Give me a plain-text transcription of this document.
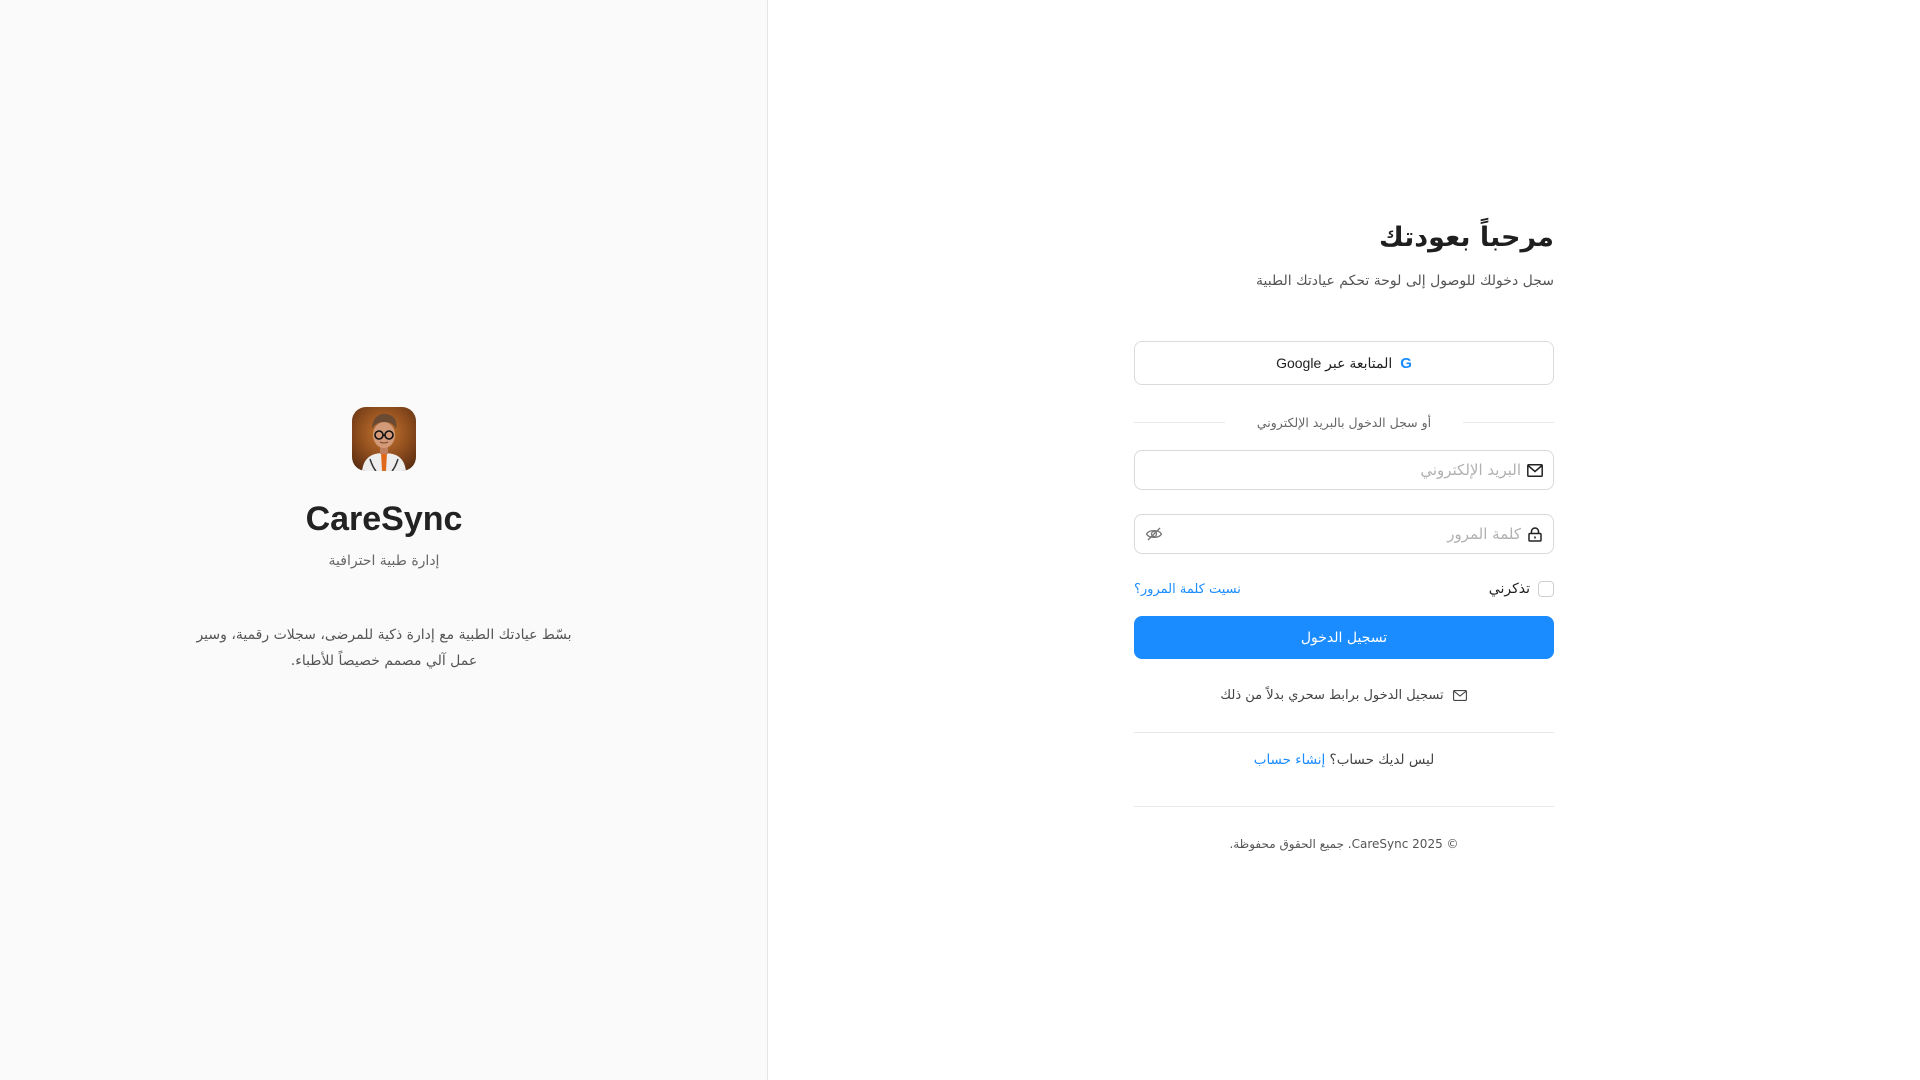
CareSync
إدارة طبية احترافية
بسّط عيادتك الطبية مع إدارة ذكية للمرضى، سجلات رقمية، وسير عمل آلي مصمم خصيصاً للأطباء.
مرحباً بعودتك

سجل دخولك للوصول إلى لوحة تحكم عيادتك الطبية

G
المتابعة عبر Google
أو سجل الدخول بالبريد الإلكتروني
البريد الإلكتروني
تذكرني
نسيت كلمة المرور؟
تسجيل الدخول
تسجيل الدخول برابط سحري بدلاً من ذلك
ليس لديك حساب؟ إنشاء حساب
© 2025 CareSync. جميع الحقوق محفوظة.
